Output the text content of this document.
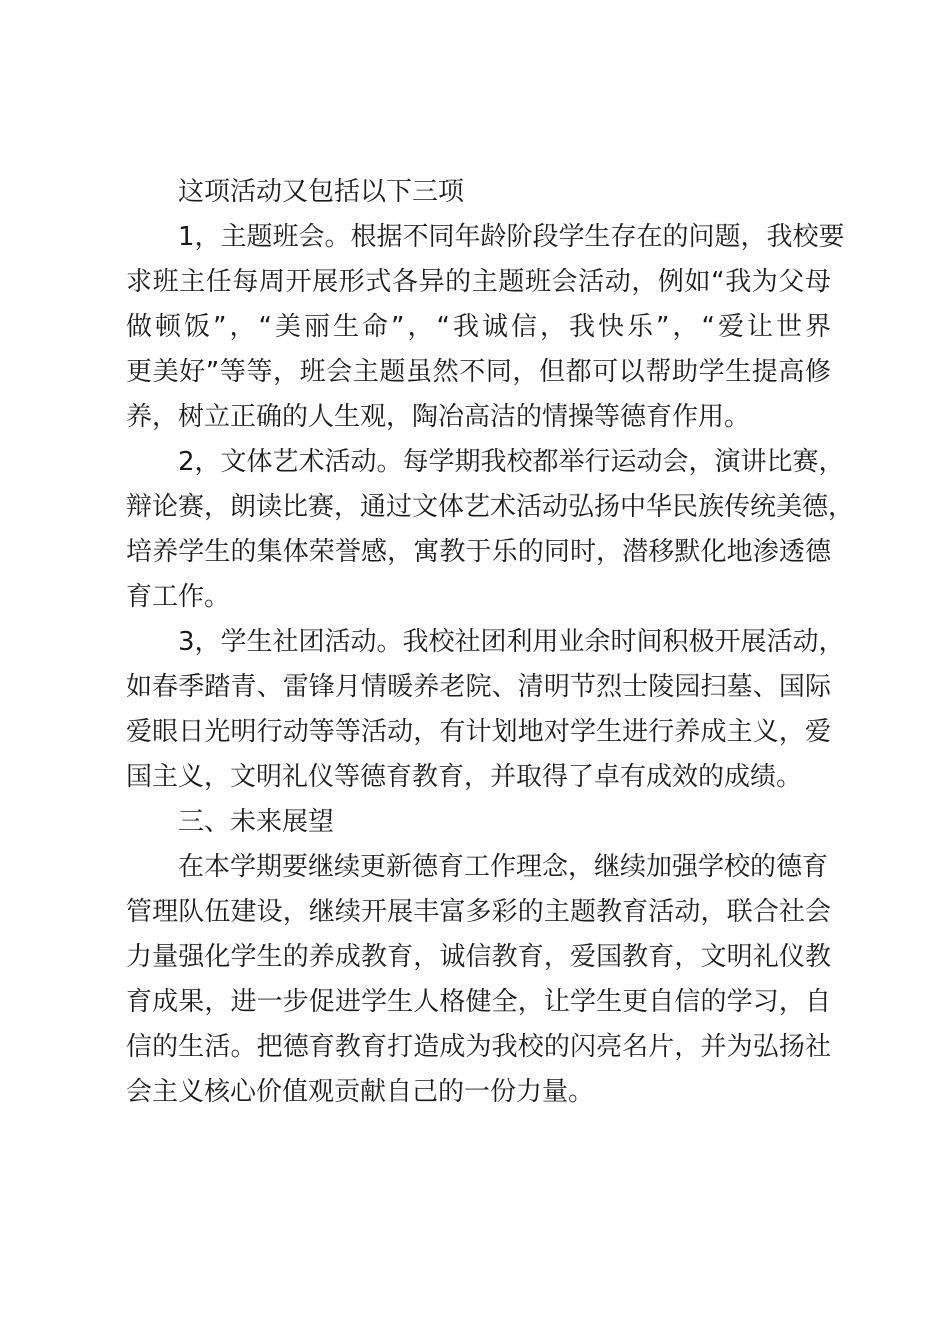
这项活动又包括以下三项
1，主题班会。根据不同年龄阶段学生存在的问题，我校要
求班主任每周开展形式各异的主题班会活动，例如“我为父母
做顿饭”，“美丽生命”，“我诚信，我快乐”，“爱让世界
更美好”等等，班会主题虽然不同，但都可以帮助学生提高修
养，树立正确的人生观，陶冶高洁的情操等德育作用。
2，文体艺术活动。每学期我校都举行运动会，演讲比赛，
辩论赛，朗读比赛，通过文体艺术活动弘扬中华民族传统美德，
培养学生的集体荣誉感，寓教于乐的同时，潜移默化地渗透德
育工作。
3，学生社团活动。我校社团利用业余时间积极开展活动，
如春季踏青、雷锋月情暖养老院、清明节烈士陵园扫墓、国际
爱眼日光明行动等等活动，有计划地对学生进行养成主义，爱
国主义，文明礼仪等德育教育，并取得了卓有成效的成绩。
三、未来展望
在本学期要继续更新德育工作理念，继续加强学校的德育
管理队伍建设，继续开展丰富多彩的主题教育活动，联合社会
力量强化学生的养成教育，诚信教育，爱国教育，文明礼仪教
育成果，进一步促进学生人格健全，让学生更自信的学习，自
信的生活。把德育教育打造成为我校的闪亮名片，并为弘扬社
会主义核心价值观贡献自己的一份力量。
